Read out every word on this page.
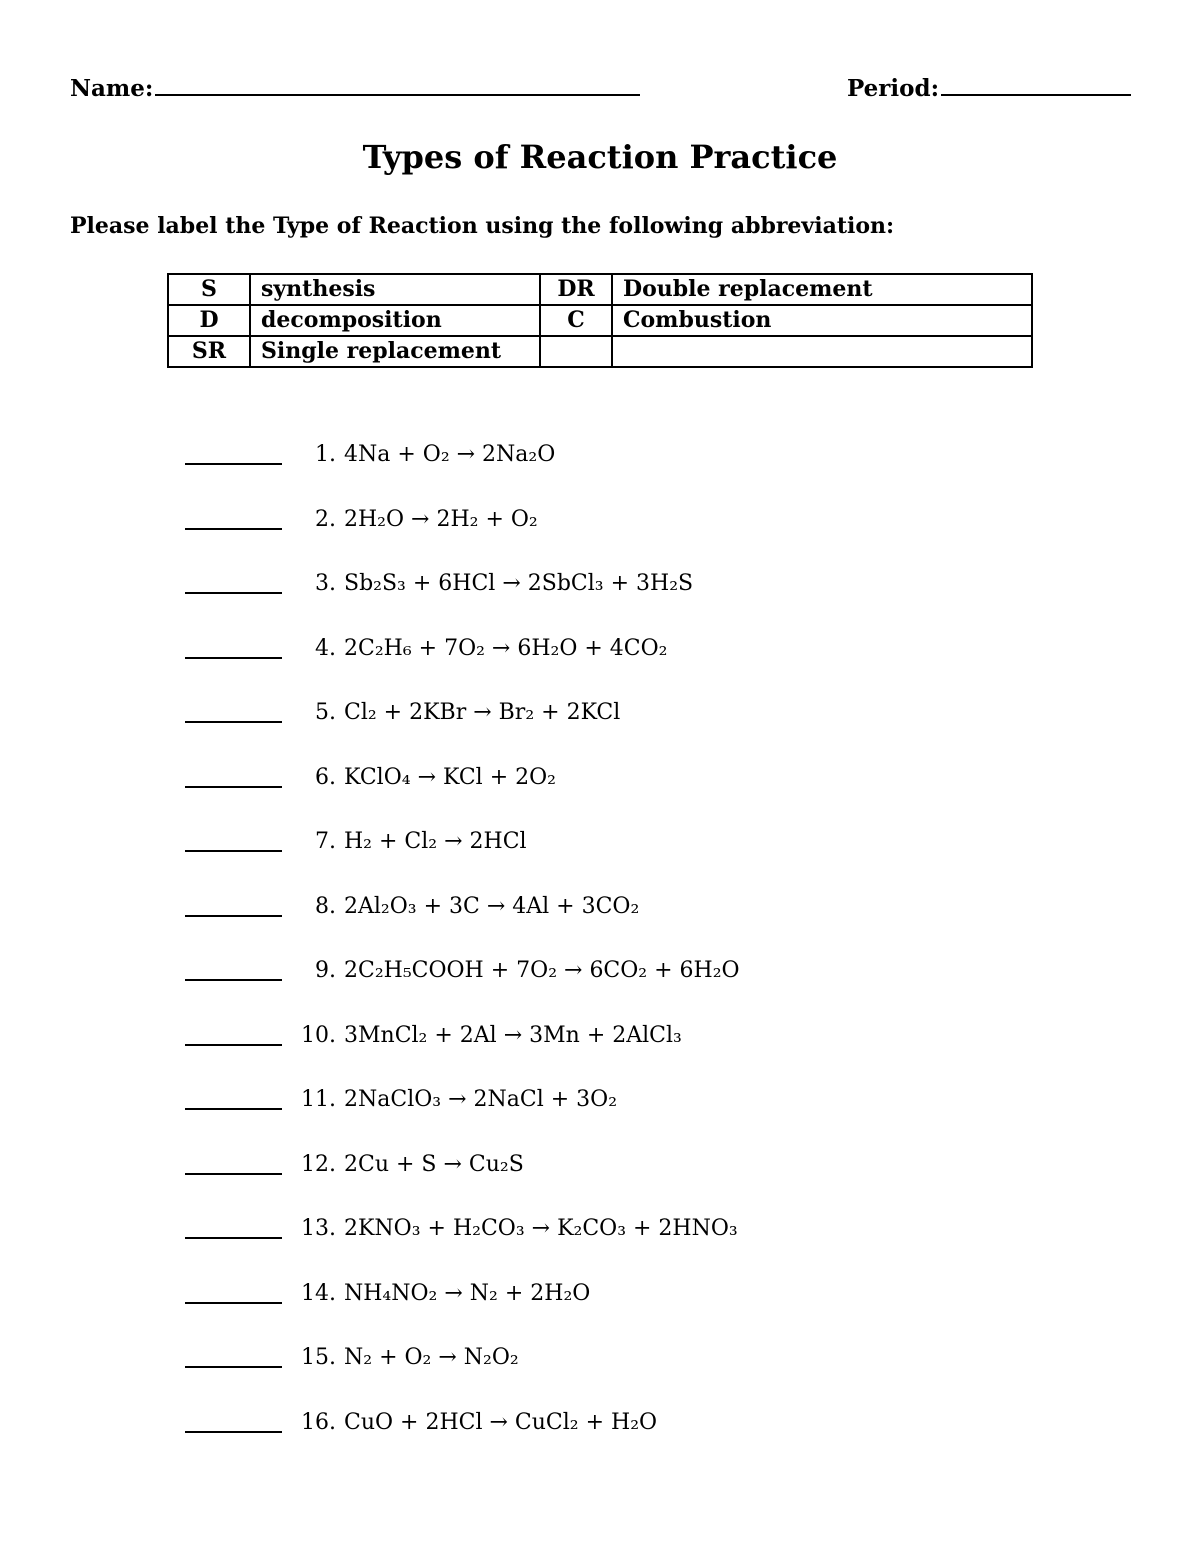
Name:	Period:
Types of Reaction Practice
Please label the Type of Reaction using the following abbreviation:
S	synthesis	DR	Double replacement
D	decomposition	C	Combustion
SR	Single replacement		
1. 4Na + O₂ → 2Na₂O
2. 2H₂O → 2H₂ + O₂
3. Sb₂S₃ + 6HCl → 2SbCl₃ + 3H₂S
4. 2C₂H₆ + 7O₂ → 6H₂O + 4CO₂
5. Cl₂ + 2KBr → Br₂ + 2KCl
6. KClO₄ → KCl + 2O₂
7. H₂ + Cl₂ → 2HCl
8. 2Al₂O₃ + 3C → 4Al + 3CO₂
9. 2C₂H₅COOH + 7O₂ → 6CO₂ + 6H₂O
10. 3MnCl₂ + 2Al → 3Mn + 2AlCl₃
11. 2NaClO₃ → 2NaCl + 3O₂
12. 2Cu + S → Cu₂S
13. 2KNO₃ + H₂CO₃ → K₂CO₃ + 2HNO₃
14. NH₄NO₂ → N₂ + 2H₂O
15. N₂ + O₂ → N₂O₂
16. CuO + 2HCl → CuCl₂ + H₂O
